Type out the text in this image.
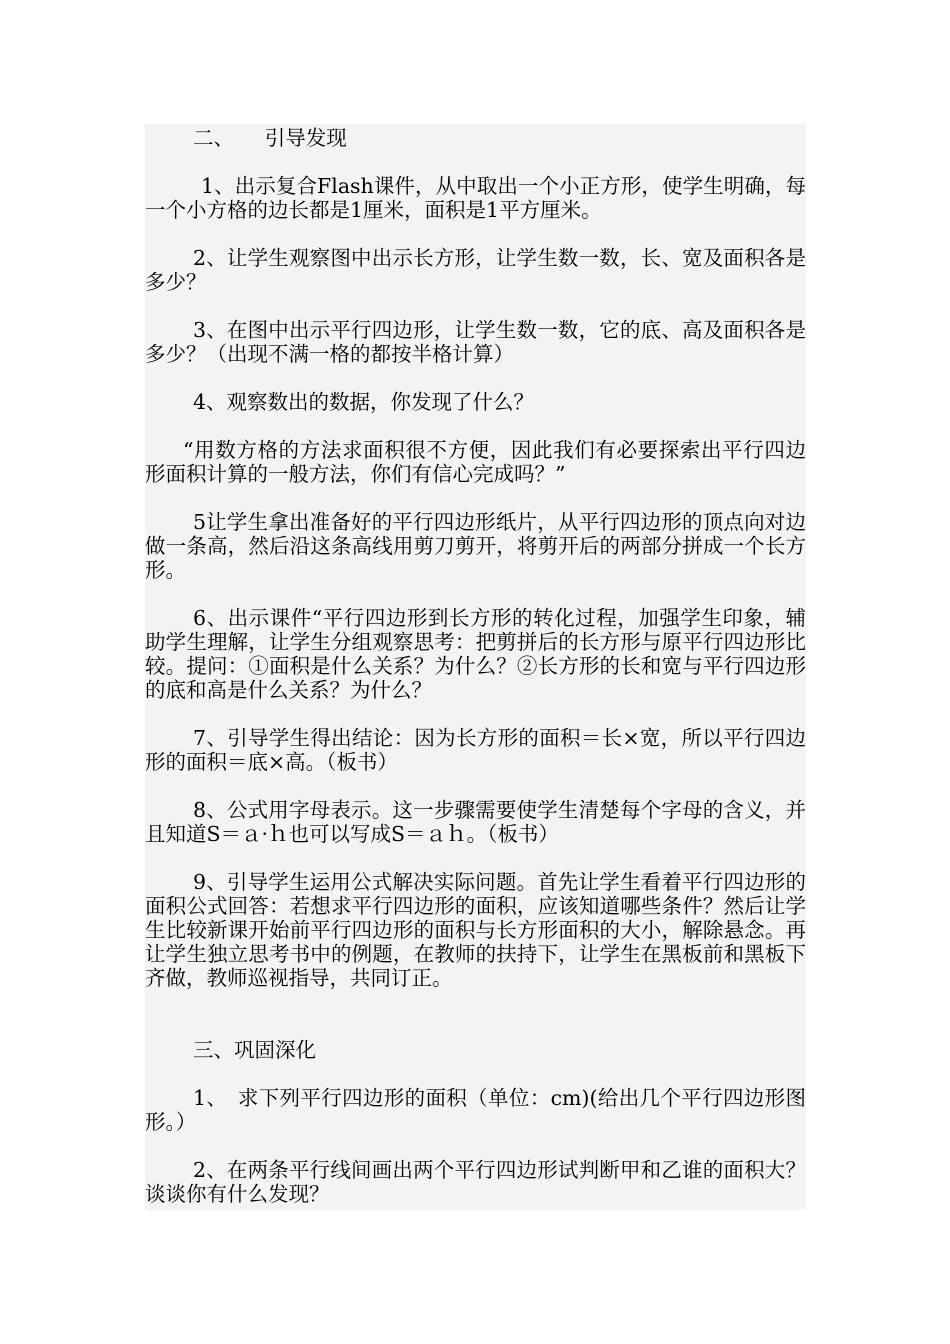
二、　　引导发现

1、出示复合Flash课件，从中取出一个小正方形，使学生明确，每一个小方格的边长都是1厘米，面积是1平方厘米。

2、让学生观察图中出示长方形，让学生数一数，长、宽及面积各是多少？

3、在图中出示平行四边形，让学生数一数，它的底、高及面积各是多少？（出现不满一格的都按半格计算）

4、观察数出的数据，你发现了什么？

“用数方格的方法求面积很不方便，因此我们有必要探索出平行四边形面积计算的一般方法，你们有信心完成吗？”

5让学生拿出准备好的平行四边形纸片，从平行四边形的顶点向对边做一条高，然后沿这条高线用剪刀剪开，将剪开后的两部分拼成一个长方形。

6、出示课件“平行四边形到长方形的转化过程，加强学生印象，辅助学生理解，让学生分组观察思考：把剪拼后的长方形与原平行四边形比较。提问：①面积是什么关系？为什么？②长方形的长和宽与平行四边形的底和高是什么关系？为什么？

7、引导学生得出结论：因为长方形的面积＝长×宽，所以平行四边形的面积＝底×高。（板书）

8、公式用字母表示。这一步骤需要使学生清楚每个字母的含义，并且知道S＝ａ·ｈ也可以写成S＝ａｈ。（板书）

9、引导学生运用公式解决实际问题。首先让学生看着平行四边形的面积公式回答：若想求平行四边形的面积，应该知道哪些条件？然后让学生比较新课开始前平行四边形的面积与长方形面积的大小，解除悬念。再让学生独立思考书中的例题，在教师的扶持下，让学生在黑板前和黑板下齐做，教师巡视指导，共同订正。

三、巩固深化

1、　求下列平行四边形的面积（单位：cm)(给出几个平行四边形图形。）

2、在两条平行线间画出两个平行四边形试判断甲和乙谁的面积大？谈谈你有什么发现？
